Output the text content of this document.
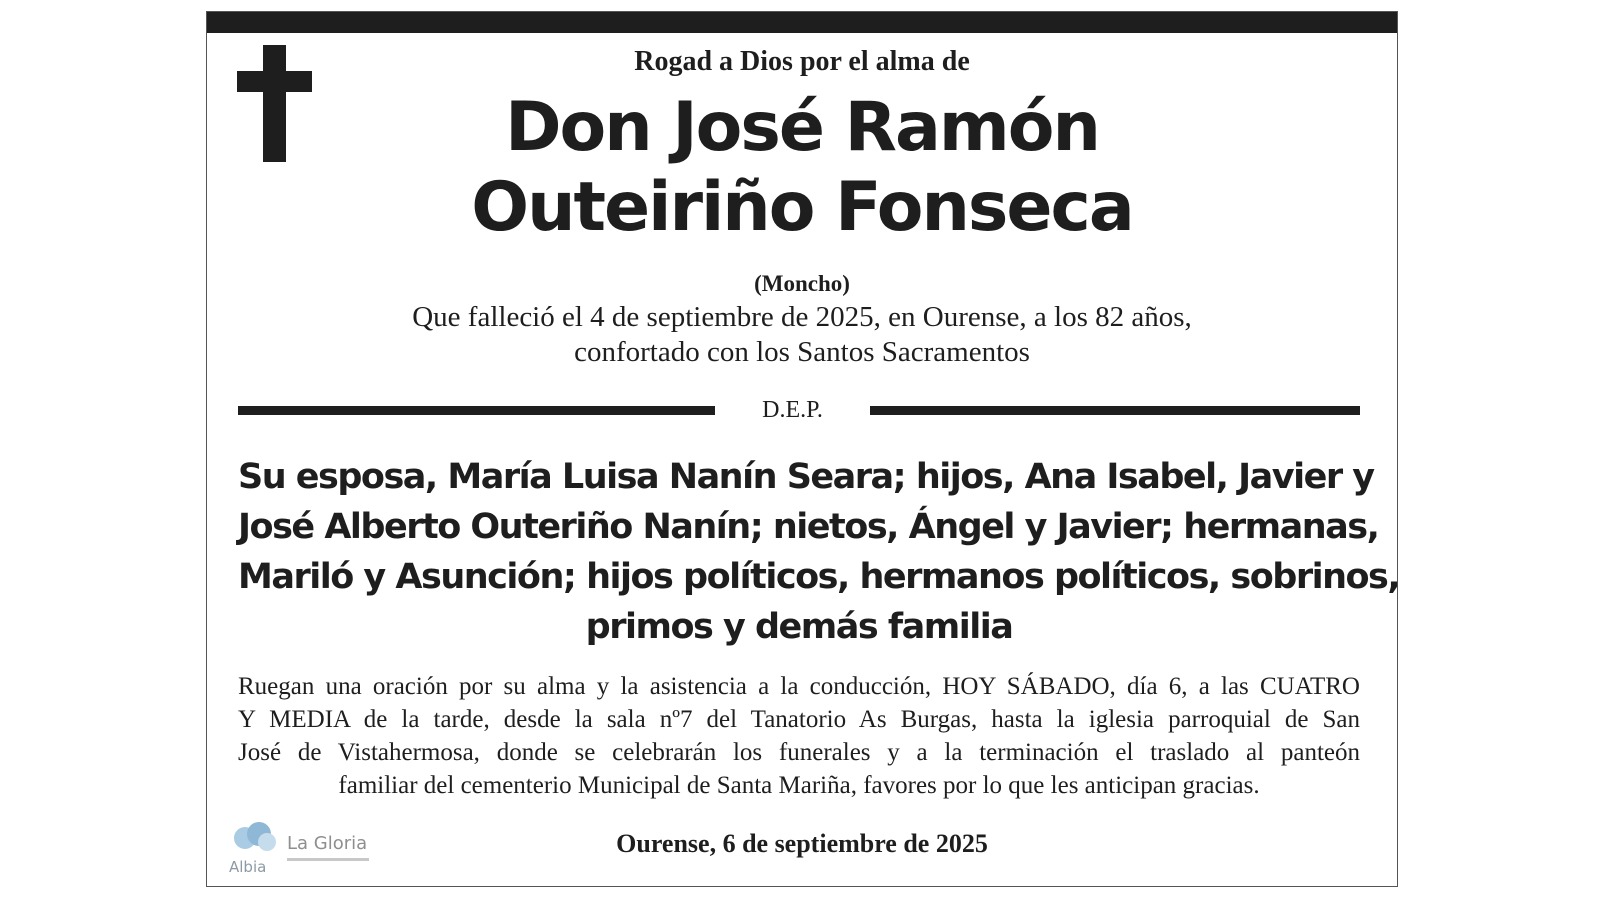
Rogad a Dios por el alma de
Don José Ramón
Outeiriño Fonseca
(Moncho)
Que falleció el 4 de septiembre de 2025, en Ourense, a los 82 años,
confortado con los Santos Sacramentos
D.E.P.
Su esposa, María Luisa Nanín Seara; hijos, Ana Isabel, Javier y
José Alberto Outeriño Nanín; nietos, Ángel y Javier; hermanas,
Mariló y Asunción; hijos políticos, hermanos políticos, sobrinos,
primos y demás familia
Ruegan una oración por su alma y la asistencia a la conducción, HOY SÁBADO, día 6, a las CUATRO
Y MEDIA de la tarde, desde la sala nº7 del Tanatorio As Burgas, hasta la iglesia parroquial de San
José de Vistahermosa, donde se celebrarán los funerales y a la terminación el traslado al panteón
familiar del cementerio Municipal de Santa Mariña, favores por lo que les anticipan gracias.
Ourense, 6 de septiembre de 2025
Albia
La Gloria
